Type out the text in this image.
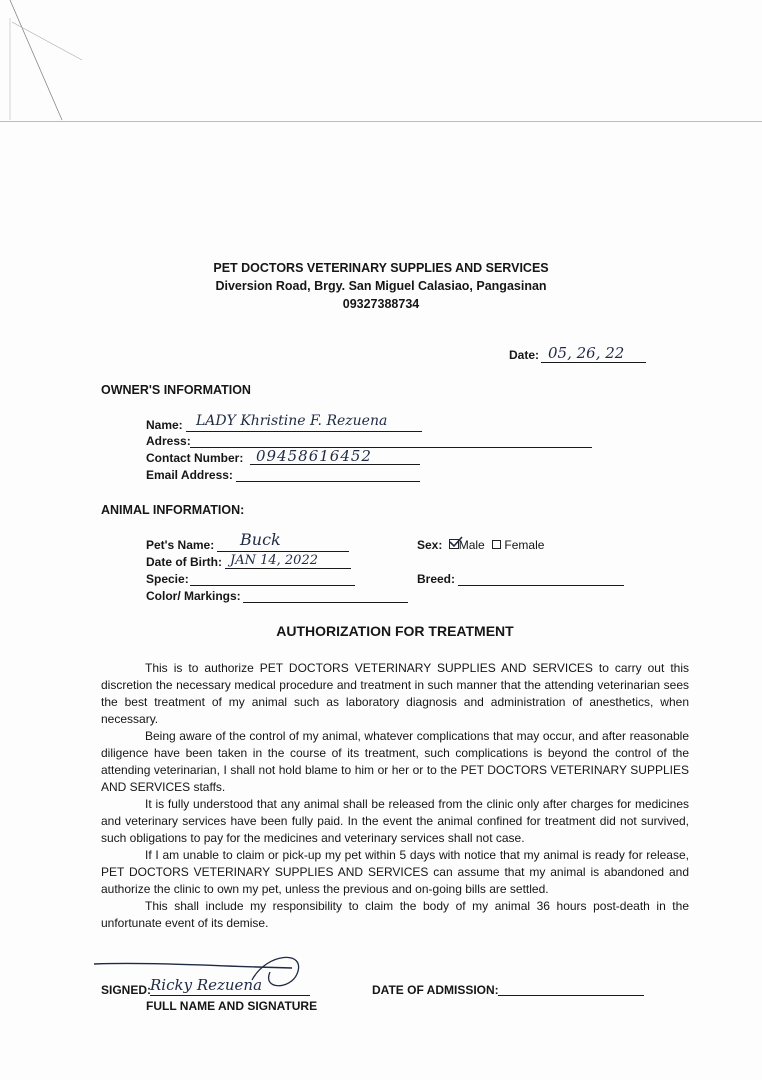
PET DOCTORS VETERINARY SUPPLIES AND SERVICES
Diversion Road, Brgy. San Miguel Calasiao, Pangasinan
09327388734
Date: 05, 26, 22
OWNER'S INFORMATION
Name: LADY Khristine F. Rezuena
Adress:
Contact Number: 09458616452
Email Address:
ANIMAL INFORMATION:
Pet's Name: Buck
Date of Birth: JAN 14, 2022
Specie:
Color/ Markings:
Sex: Male Female
Breed:
AUTHORIZATION FOR TREATMENT

This is to authorize PET DOCTORS VETERINARY SUPPLIES AND SERVICES to carry out this discretion the necessary medical procedure and treatment in such manner that the attending veterinarian sees the best treatment of my animal such as laboratory diagnosis and administration of anesthetics, when necessary.

Being aware of the control of my animal, whatever complications that may occur, and after reasonable diligence have been taken in the course of its treatment, such complications is beyond the control of the attending veterinarian, I shall not hold blame to him or her or to the PET DOCTORS VETERINARY SUPPLIES AND SERVICES staffs.

It is fully understood that any animal shall be released from the clinic only after charges for medicines and veterinary services have been fully paid. In the event the animal confined for treatment did not survived, such obligations to pay for the medicines and veterinary services shall not case.

If I am unable to claim or pick-up my pet within 5 days with notice that my animal is ready for release, PET DOCTORS VETERINARY SUPPLIES AND SERVICES can assume that my animal is abandoned and authorize the clinic to own my pet, unless the previous and on-going bills are settled.

This shall include my responsibility to claim the body of my animal 36 hours post-death in the unfortunate event of its demise.

Ricky Rezuena
SIGNED:
FULL NAME AND SIGNATURE
DATE OF ADMISSION:
